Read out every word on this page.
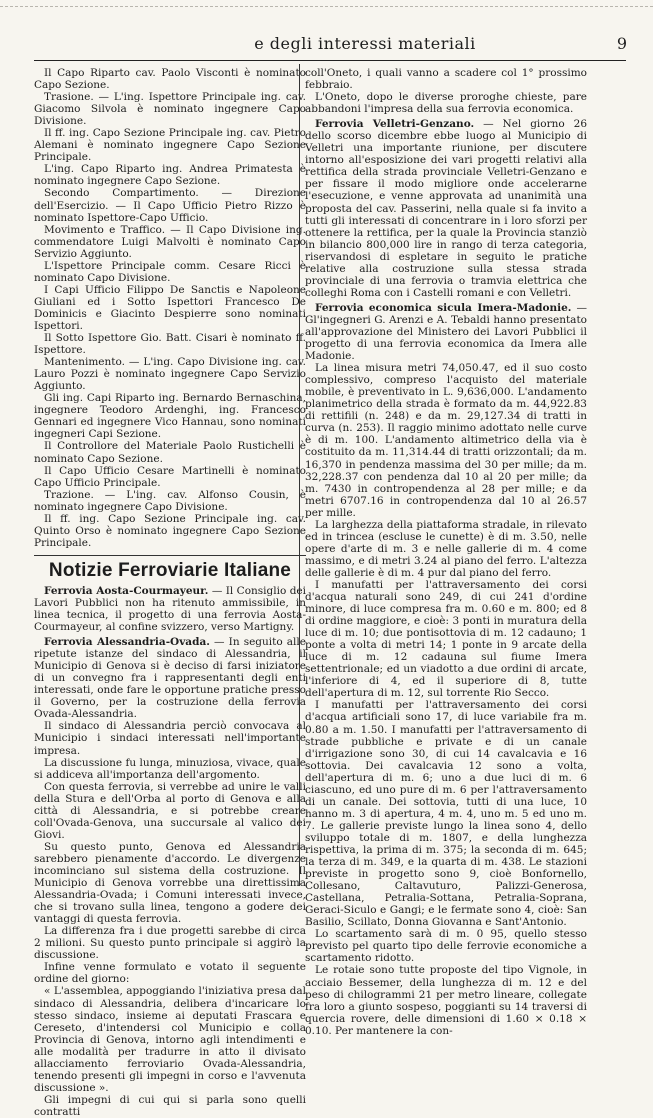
e degli interessi materiali	9

Il Capo Riparto cav. Paolo Visconti è nominato Capo Sezione.

Trasione. — L'ing. Ispettore Principale ing. cav. Giacomo Silvola è nominato ingegnere Capo Divisione.

Il ff. ing. Capo Sezione Principale ing. cav. Pietro Alemani è nominato ingegnere Capo Sezione Principale.

L'ing. Capo Riparto ing. Andrea Primatesta è nominato ingegnere Capo Sezione.

Secondo Compartimento. — Direzione dell'Esercizio. — Il Capo Ufficio Pietro Rizzo è nominato Ispettore-Capo Ufficio.

Movimento e Traffico. — Il Capo Divisione ing. commendatore Luigi Malvolti è nominato Capo Servizio Aggiunto.

L'Ispettore Principale comm. Cesare Ricci è nominato Capo Divisione.

I Capi Ufficio Filippo De Sanctis e Napoleone Giuliani ed i Sotto Ispettori Francesco De Dominicis e Giacinto Despierre sono nominati Ispettori.

Il Sotto Ispettore Gio. Batt. Cisari è nominato ff. Ispettore.

Mantenimento. — L'ing. Capo Divisione ing. cav. Lauro Pozzi è nominato ingegnere Capo Servizio Aggiunto.

Gli ing. Capi Riparto ing. Bernardo Bernaschina, ingegnere Teodoro Ardenghi, ing. Francesco Gennari ed ingegnere Vico Hannau, sono nominati ingegneri Capi Sezione.

Il Controllore del Materiale Paolo Rustichelli è nominato Capo Sezione.

Il Capo Ufficio Cesare Martinelli è nominato Capo Ufficio Principale.

Trazione. — L'ing. cav. Alfonso Cousin, è nominato ingegnere Capo Divisione.

Il ff. ing. Capo Sezione Principale ing. cav. Quinto Orso è nominato ingegnere Capo Sezione Principale.

Notizie Ferroviarie Italiane

Ferrovia Aosta-Courmayeur. — Il Consiglio dei Lavori Pubblici non ha ritenuto ammissibile, in linea tecnica, il progetto di una ferrovia Aosta-Courmayeur, al confine svizzero, verso Martigny.

Ferrovia Alessandria-Ovada. — In seguito alle ripetute istanze del sindaco di Alessandria, il Municipio di Genova si è deciso di farsi iniziatore di un convegno fra i rappresentanti degli enti interessati, onde fare le opportune pratiche presso il Governo, per la costruzione della ferrovia Ovada-Alessandria.

Il sindaco di Alessandria perciò convocava al Municipio i sindaci interessati nell'importante impresa.

La discussione fu lunga, minuziosa, vivace, quale si addiceva all'importanza dell'argomento.

Con questa ferrovia, si verrebbe ad unire le valli della Stura e dell'Orba al porto di Genova e alla città di Alessandria, e si potrebbe creare coll'Ovada-Genova, una succursale al valico dei Giovi.

Su questo punto, Genova ed Alessandria sarebbero pienamente d'accordo. Le divergenze incominciano sul sistema della costruzione. Il Municipio di Genova vorrebbe una direttissima Alessandria-Ovada; i Comuni interessati invece, che si trovano sulla linea, tengono a godere dei vantaggi di questa ferrovia.

La differenza fra i due progetti sarebbe di circa 2 milioni. Su questo punto principale si aggirò la discussione.

Infine venne formulato e votato il seguente ordine del giorno:

« L'assemblea, appoggiando l'iniziativa presa dal sindaco di Alessandria, delibera d'incaricare lo stesso sindaco, insieme ai deputati Frascara e Cereseto, d'intendersi col Municipio e colla Provincia di Genova, intorno agli intendimenti e alle modalità per tradurre in atto il divisato allacciamento ferroviario Ovada-Alessandria, tenendo presenti gli impegni in corso e l'avvenuta discussione ».

Gli impegni di cui qui si parla sono quelli contratti

coll'Oneto, i quali vanno a scadere col 1° prossimo febbraio.

L'Oneto, dopo le diverse proroghe chieste, pare abbandoni l'impresa della sua ferrovia economica.

Ferrovia Velletri-Genzano. — Nel giorno 26 dello scorso dicembre ebbe luogo al Municipio di Velletri una importante riunione, per discutere intorno all'esposizione dei vari progetti relativi alla rettifica della strada provinciale Velletri-Genzano e per fissare il modo migliore onde accelerarne l'esecuzione, e venne approvata ad unanimità una proposta del cav. Passerini, nella quale si fa invito a tutti gli interessati di concentrare in i loro sforzi per ottenere la rettifica, per la quale la Provincia stanziò in bilancio 800,000 lire in rango di terza categoria, riservandosi di espletare in seguito le pratiche relative alla costruzione sulla stessa strada provinciale di una ferrovia o tramvia elettrica che colleghi Roma con i Castelli romani e con Velletri.

Ferrovia economica sicula Imera-Madonie. — Gl'ingegneri G. Arenzi e A. Tebaldi hanno presentato all'approvazione del Ministero dei Lavori Pubblici il progetto di una ferrovia economica da Imera alle Madonie.

La linea misura metri 74,050.47, ed il suo costo complessivo, compreso l'acquisto del materiale mobile, è preventivato in L. 9,636,000. L'andamento planimetrico della strada è formato da m. 44,922.83 di rettifili (n. 248) e da m. 29,127.34 di tratti in curva (n. 253). Il raggio minimo adottato nelle curve è di m. 100. L'andamento altimetrico della via è costituito da m. 11,314.44 di tratti orizzontali; da m. 16,370 in pendenza massima del 30 per mille; da m. 32,228.37 con pendenza dal 10 al 20 per mille; da m. 7430 in contropendenza al 28 per mille; e da metri 6707.16 in contropendenza dal 10 al 26.57 per mille.

La larghezza della piattaforma stradale, in rilevato ed in trincea (escluse le cunette) è di m. 3.50, nelle opere d'arte di m. 3 e nelle gallerie di m. 4 come massimo, e di metri 3.24 al piano del ferro. L'altezza delle gallerie è di m. 4 pur dal piano del ferro.

I manufatti per l'attraversamento dei corsi d'acqua naturali sono 249, di cui 241 d'ordine minore, di luce compresa fra m. 0.60 e m. 800; ed 8 di ordine maggiore, e cioè: 3 ponti in muratura della luce di m. 10; due pontisottovia di m. 12 cadauno; 1 ponte a volta di metri 14; 1 ponte in 9 arcate della luce di m. 12 cadauna sul fiume Imera settentrionale; ed un viadotto a due ordini di arcate, l'inferiore di 4, ed il superiore di 8, tutte dell'apertura di m. 12, sul torrente Rio Secco.

I manufatti per l'attraversamento dei corsi d'acqua artificiali sono 17, di luce variabile fra m. 0.80 a m. 1.50. I manufatti per l'attraversamento di strade pubbliche e private e di un canale d'irrigazione sono 30, di cui 14 cavalcavia e 16 sottovia. Dei cavalcavia 12 sono a volta, dell'apertura di m. 6; uno a due luci di m. 6 ciascuno, ed uno pure di m. 6 per l'attraversamento di un canale. Dei sottovia, tutti di una luce, 10 hanno m. 3 di apertura, 4 m. 4, uno m. 5 ed uno m. 7. Le gallerie previste lungo la linea sono 4, dello sviluppo totale di m. 1807, e della lunghezza rispettiva, la prima di m. 375; la seconda di m. 645; la terza di m. 349, e la quarta di m. 438. Le stazioni previste in progetto sono 9, cioè Bonfornello, Collesano, Caltavuturo, Palizzi-Generosa, Castellana, Petralia-Sottana, Petralia-Soprana, Geraci-Siculo e Gangi; e le fermate sono 4, cioè: San Basilio, Scillato, Donna Giovanna e Sant'Antonio.

Lo scartamento sarà di m. 0 95, quello stesso previsto pel quarto tipo delle ferrovie economiche a scartamento ridotto.

Le rotaie sono tutte proposte del tipo Vignole, in acciaio Bessemer, della lunghezza di m. 12 e del peso di chilogrammi 21 per metro lineare, collegate fra loro a giunto sospeso, poggianti su 14 traversi di quercia rovere, delle dimensioni di 1.60 × 0.18 × 0.10. Per mantenere la con-
